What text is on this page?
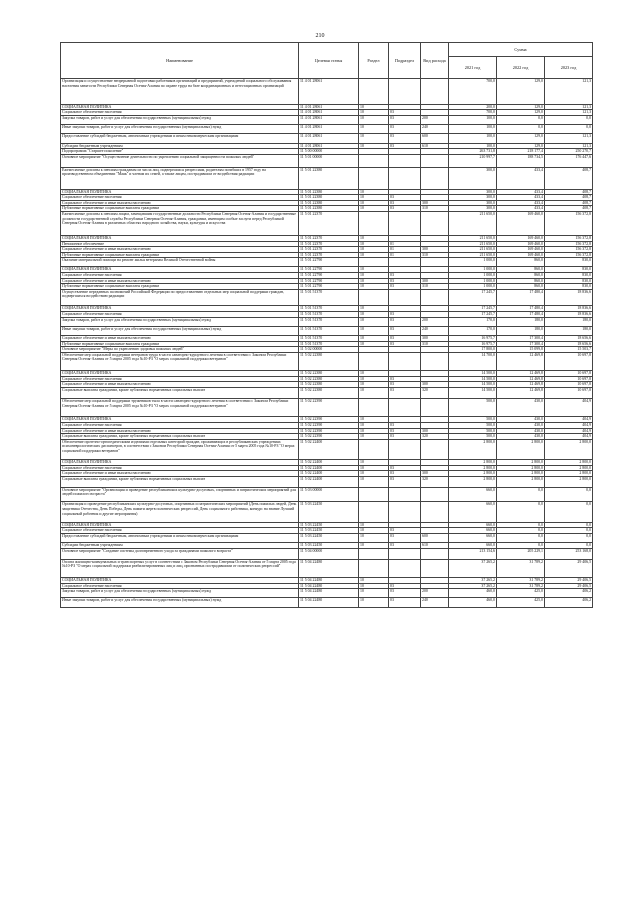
210
Наименование	Целевая статья	Раздел	Подраздел	Вид расхода	Сумма		
					2021 год	2022 год	2023 год
Организация и осуществление непрерывной подготовки работников организаций и предприятий, учреждений социального обслуживания населения занятости Республики Северная Осетия-Алания по охране труда на базе координационных и аттестационных организаций	11 4 01 28061				700,0	129,0	121,3
СОЦИАЛЬНАЯ ПОЛИТИКА	11 4 01 28061	10			200,0	129,0	121,3
Социальное обеспечение населения	11 4 01 28061	10	03		700,0	129,0	121,3
Закупка товаров, работ и услуг для обеспечения государственных (муниципальных) нужд	11 4 01 28061	10	03	200	100,0	0,0	0,0
Иные закупки товаров, работ и услуг для обеспечения государственных (муниципальных) нужд	11 4 01 28061	10	03	240	100,0	0,0	0,0
Предоставление субсидий бюджетным, автономным учреждениям и иным некоммерческим организациям	11 4 01 28061	10	03	600	100,0	129,0	121,3
Субсидии бюджетным учреждениям	11 4 01 28061	10	03	610	100,0	129,0	121,3
Подпрограмма "Старшее поколение"	11 5 00 00000				263 731,8	218 177,4	250 270,7
Основное мероприятие "Осуществление деятельности по укреплению социальной защищенности пожилых людей"	11 5 01 00000				210 997,7	188 734,5	176 447,6
Ежемесячные доплаты к пенсиям гражданам из числа лиц, подвергшихся репрессиям, родителям погибших в 1957 году на производственном объединении "Маяк" и членам их семей, а также лицам, пострадавшим от воздействия радиации	11 5 01 22380				300,0	433,4	408,7
СОЦИАЛЬНАЯ ПОЛИТИКА	11 5 01 22380	10			300,0	433,4	408,7
Социальное обеспечение населения	11 5 01 22380	10	03		300,0	433,4	408,7
Социальное обеспечение и иные выплаты населению	11 5 01 22380	10	03	300	300,0	433,4	408,7
Публичные нормативные социальные выплаты гражданам	11 5 01 22380	10	03	310	300,0	433,4	408,7
Ежемесячные доплаты к пенсиям лицам, замещавшим государственные должности Республики Северная Осетия-Алания и государственные должности государственной службы Республики Северная Осетия-Алания, гражданам, имеющим особые заслуги перед Республикой Северная Осетия-Алания в различных областях народного хозяйства, науки, культуры и искусства	11 5 01 22370				211 650,0	169 460,0	156 372,8
СОЦИАЛЬНАЯ ПОЛИТИКА	11 5 01 22370	10			211 650,0	169 460,0	156 372,8
Пенсионное обеспечение	11 5 01 22370	10	01		211 650,0	169 460,0	156 372,8
Социальное обеспечение и иные выплаты населению	11 5 01 22370	10	01	300	211 650,0	169 460,0	156 372,8
Публичные нормативные социальные выплаты гражданам	11 5 01 22370	10	01	310	211 650,0	169 460,0	156 372,8
Оказание материальной помощи на ремонт жилья ветеранам Великой Отечественной войны	11 5 01 22790				1 000,0	860,0	830,0
СОЦИАЛЬНАЯ ПОЛИТИКА	11 5 01 22790	10			1 000,0	860,0	830,0
Социальное обеспечение населения	11 5 01 22790	10	03		1 000,0	860,0	830,0
Социальное обеспечение и иные выплаты населению	11 5 01 22790	10	03	300	1 000,0	860,0	830,0
Публичные нормативные социальные выплаты гражданам	11 5 01 22790	10	03	310	1 000,0	860,0	830,0
Осуществление переданных полномочий Российской Федерации по предоставлению отдельных мер социальной поддержки граждан, подвергшихся воздействию радиации	11 5 01 51370				17 245,7	17 480,4	18 836,6
СОЦИАЛЬНАЯ ПОЛИТИКА	11 5 01 51370	10			17 245,7	17 480,4	18 836,6
Социальное обеспечение населения	11 5 01 51370	10	03		17 245,7	17 480,4	18 836,6
Закупка товаров, работ и услуг для обеспечения государственных (муниципальных) нужд	11 5 01 51370	10	03	200	170,0	180,0	180,0
Иные закупки товаров, работ и услуг для обеспечения государственных (муниципальных) нужд	11 5 01 51370	10	03	240	170,0	180,0	180,0
Социальное обеспечение и иные выплаты населению	11 5 01 51370	10	03	300	16 975,7	17 300,4	18 656,6
Публичные нормативные социальные выплаты гражданам	11 5 01 51370	10	03	310	16 975,7	17 300,4	18 656,6
Основное мероприятие "Меры по укреплению здоровья пожилых людей"	11 5 02 00000				17 800,0	15 099,8	15 503,7
Обеспечение мер социальной поддержки ветеранов труда в части санаторно-курортного лечения в соответствии с Законом Республики Северная Осетия-Алания от 5 марта 2005 года №10-РЗ "О мерах социальной поддержки ветеранов"	11 5 02 22380				14 700,0	12 469,8	10 697,8
СОЦИАЛЬНАЯ ПОЛИТИКА	11 5 02 22380	10			14 500,0	12 469,8	10 697,8
Социальное обеспечение населения	11 5 02 22380	10	03		14 500,0	12 469,8	10 697,8
Социальное обеспечение и иные выплаты населению	11 5 02 22380	10	03	300	14 500,0	12 469,8	10 697,8
Социальные выплаты гражданам, кроме публичных нормативных социальных выплат	11 5 02 22380	10	03	320	14 500,0	12 469,8	10 697,8
Обеспечение мер социальной поддержки тружеников тыла в части санаторно-курортного лечения в соответствии с Законом Республики Северная Осетия-Алания от 5 марта 2005 года №10-РЗ "О мерах социальной поддержки ветеранов"	11 5 02 22390				500,0	430,0	404,9
СОЦИАЛЬНАЯ ПОЛИТИКА	11 5 02 22390	10			500,0	430,0	404,9
Социальное обеспечение населения	11 5 02 22390	10	03		500,0	430,0	404,9
Социальное обеспечение и иные выплаты населению	11 5 02 22390	10	03	300	500,0	430,0	404,9
Социальные выплаты гражданам, кроме публичных нормативных социальных выплат	11 5 02 22390	10	03	320	500,0	430,0	404,9
Обеспечение протезно-ортопедическими изделиями отдельных категорий граждан, проживающих в республиканских учреждениях психоневрологических диспансеров, в соответствии с Законом Республики Северная Осетия-Алания от 5 марта 2005 года №10-РЗ "О мерах социальной поддержки ветеранов"	11 5 02 22400				2 800,0	2 800,0	2 800,0
СОЦИАЛЬНАЯ ПОЛИТИКА	11 5 02 22400	10			2 800,0	2 800,0	2 800,0
Социальное обеспечение населения	11 5 02 22400	10	03		2 800,0	2 800,0	2 800,0
Социальное обеспечение и иные выплаты населению	11 5 02 22400	10	03	300	2 800,0	2 800,0	2 800,0
Социальные выплаты гражданам, кроме публичных нормативных социальных выплат	11 5 02 22400	10	03	320	2 800,0	2 800,0	2 800,0
Основное мероприятие "Организация и проведение республиканских культурно-досуговых, спортивных и патриотических мероприятий для людей пожилого возраста"	11 5 03 00000				660,0	0,0	0,0
Организация и проведение республиканских культурно-досуговых, спортивных и патриотических мероприятий (День пожилых людей, День защитника Отечества, День Победы, День памяти жертв политических репрессий, День социального работника, конкурс на звание Лучший социальный работник и другие мероприятия)	11 5 03 22450				660,0	0,0	0,0
СОЦИАЛЬНАЯ ПОЛИТИКА	11 5 03 22450	10			660,0	0,0	0,0
Социальное обеспечение населения	11 5 03 22450	10	03		660,0	0,0	0,0
Предоставление субсидий бюджетным, автономным учреждениям и иным некоммерческим организациям	11 5 03 22450	10	03	600	660,0	0,0	0,0
Субсидии бюджетным учреждениям	11 5 03 22450	10	03	610	660,0	0,0	0,0
Основное мероприятие "Создание системы долговременного ухода за гражданами пожилого возраста"	11 5 04 00000				213 154,6	205 229,1	253 168,0
Оплата жилищно-коммунальных и транспортных услуг в соответствии с Законом Республики Северная Осетия-Алания от 5 марта 2005 года №10-РЗ "О мерах социальной поддержки реабилитированных лиц и лиц, признанных пострадавшими от политических репрессий"	11 5 04 22480				37 265,2	31 789,2	29 406,5
СОЦИАЛЬНАЯ ПОЛИТИКА	11 5 04 22480	10			37 265,2	31 789,2	29 406,5
Социальное обеспечение населения	11 5 04 22480	10	03		37 265,2	31 789,2	29 406,5
Закупка товаров, работ и услуг для обеспечения государственных (муниципальных) нужд	11 5 04 22480	10	03	200	460,0	425,0	406,2
Иные закупки товаров, работ и услуг для обеспечения государственных (муниципальных) нужд	11 5 04 22480	10	03	240	460,0	425,0	406,2
